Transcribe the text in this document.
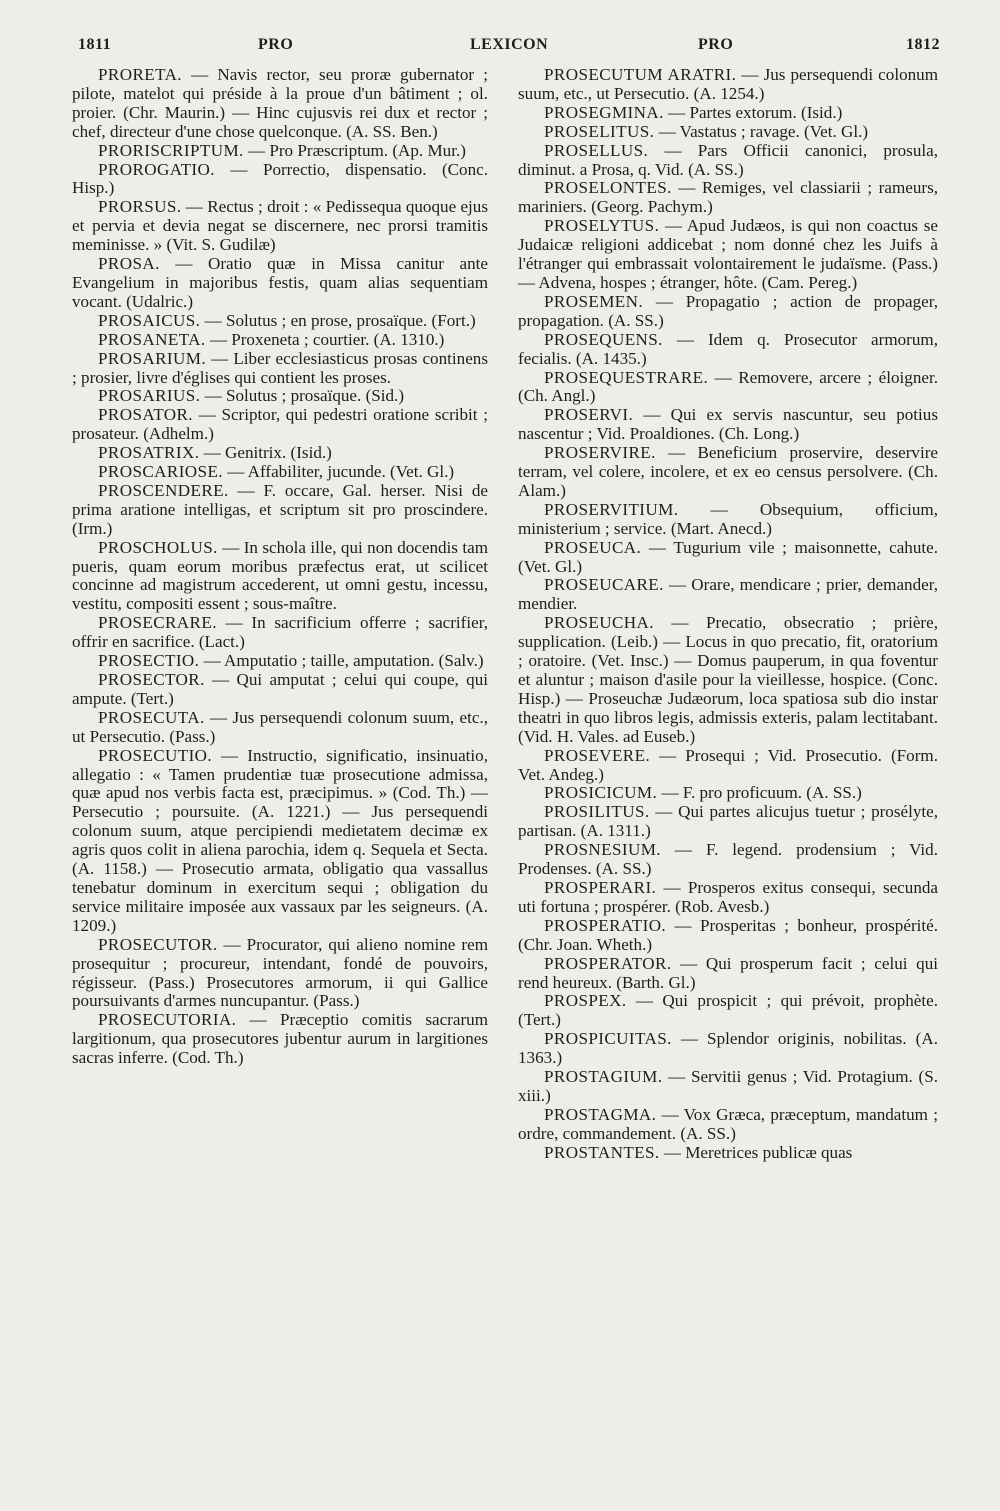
1811	PRO	LEXICON	PRO	1812

PRORETA. — Navis rector, seu proræ gubernator ; pilote, matelot qui préside à la proue d'un bâtiment ; ol. proier. (Chr. Maurin.) — Hinc cujusvis rei dux et rector ; chef, directeur d'une chose quelconque. (A. SS. Ben.)

PRORISCRIPTUM. — Pro Præscriptum. (Ap. Mur.)

PROROGATIO. — Porrectio, dispensatio. (Conc. Hisp.)

PRORSUS. — Rectus ; droit : « Pedissequa quoque ejus et pervia et devia negat se discernere, nec prorsi tramitis meminisse. » (Vit. S. Gudilæ)

PROSA. — Oratio quæ in Missa canitur ante Evangelium in majoribus festis, quam alias sequentiam vocant. (Udalric.)

PROSAICUS. — Solutus ; en prose, prosaïque. (Fort.)

PROSANETA. — Proxeneta ; courtier. (A. 1310.)

PROSARIUM. — Liber ecclesiasticus prosas continens ; prosier, livre d'églises qui contient les proses.

PROSARIUS. — Solutus ; prosaïque. (Sid.)

PROSATOR. — Scriptor, qui pedestri oratione scribit ; prosateur. (Adhelm.)

PROSATRIX. — Genitrix. (Isid.)

PROSCARIOSE. — Affabiliter, jucunde. (Vet. Gl.)

PROSCENDERE. — F. occare, Gal. herser. Nisi de prima aratione intelligas, et scriptum sit pro proscindere. (Irm.)

PROSCHOLUS. — In schola ille, qui non docendis tam pueris, quam eorum moribus præfectus erat, ut scilicet concinne ad magistrum accederent, ut omni gestu, incessu, vestitu, compositi essent ; sous-maître.

PROSECRARE. — In sacrificium offerre ; sacrifier, offrir en sacrifice. (Lact.)

PROSECTIO. — Amputatio ; taille, amputation. (Salv.)

PROSECTOR. — Qui amputat ; celui qui coupe, qui ampute. (Tert.)

PROSECUTA. — Jus persequendi colonum suum, etc., ut Persecutio. (Pass.)

PROSECUTIO. — Instructio, significatio, insinuatio, allegatio : « Tamen prudentiæ tuæ prosecutione admissa, quæ apud nos verbis facta est, præcipimus. » (Cod. Th.) — Persecutio ; poursuite. (A. 1221.) — Jus persequendi colonum suum, atque percipiendi medietatem decimæ ex agris quos colit in aliena parochia, idem q. Sequela et Secta. (A. 1158.) — Prosecutio armata, obligatio qua vassallus tenebatur dominum in exercitum sequi ; obligation du service militaire imposée aux vassaux par les seigneurs. (A. 1209.)

PROSECUTOR. — Procurator, qui alieno nomine rem prosequitur ; procureur, intendant, fondé de pouvoirs, régisseur. (Pass.) Prosecutores armorum, ii qui Gallice poursuivants d'armes nuncupantur. (Pass.)

PROSECUTORIA. — Præceptio comitis sacrarum largitionum, qua prosecutores jubentur aurum in largitiones sacras inferre. (Cod. Th.)

PROSECUTUM ARATRI. — Jus persequendi colonum suum, etc., ut Persecutio. (A. 1254.)

PROSEGMINA. — Partes extorum. (Isid.)

PROSELITUS. — Vastatus ; ravage. (Vet. Gl.)

PROSELLUS. — Pars Officii canonici, prosula, diminut. a Prosa, q. Vid. (A. SS.)

PROSELONTES. — Remiges, vel classiarii ; rameurs, mariniers. (Georg. Pachym.)

PROSELYTUS. — Apud Judæos, is qui non coactus se Judaicæ religioni addicebat ; nom donné chez les Juifs à l'étranger qui embrassait volontairement le judaïsme. (Pass.) — Advena, hospes ; étranger, hôte. (Cam. Pereg.)

PROSEMEN. — Propagatio ; action de propager, propagation. (A. SS.)

PROSEQUENS. — Idem q. Prosecutor armorum, fecialis. (A. 1435.)

PROSEQUESTRARE. — Removere, arcere ; éloigner. (Ch. Angl.)

PROSERVI. — Qui ex servis nascuntur, seu potius nascentur ; Vid. Proaldiones. (Ch. Long.)

PROSERVIRE. — Beneficium proservire, deservire terram, vel colere, incolere, et ex eo census persolvere. (Ch. Alam.)

PROSERVITIUM. — Obsequium, officium, ministerium ; service. (Mart. Anecd.)

PROSEUCA. — Tugurium vile ; maisonnette, cahute. (Vet. Gl.)

PROSEUCARE. — Orare, mendicare ; prier, demander, mendier.

PROSEUCHA. — Precatio, obsecratio ; prière, supplication. (Leib.) — Locus in quo precatio, fit, oratorium ; oratoire. (Vet. Insc.) — Domus pauperum, in qua foventur et aluntur ; maison d'asile pour la vieillesse, hospice. (Conc. Hisp.) — Proseuchæ Judæorum, loca spatiosa sub dio instar theatri in quo libros legis, admissis exteris, palam lectitabant. (Vid. H. Vales. ad Euseb.)

PROSEVERE. — Prosequi ; Vid. Prosecutio. (Form. Vet. Andeg.)

PROSICICUM. — F. pro proficuum. (A. SS.)

PROSILITUS. — Qui partes alicujus tuetur ; prosélyte, partisan. (A. 1311.)

PROSNESIUM. — F. legend. prodensium ; Vid. Prodenses. (A. SS.)

PROSPERARI. — Prosperos exitus consequi, secunda uti fortuna ; prospérer. (Rob. Avesb.)

PROSPERATIO. — Prosperitas ; bonheur, prospérité. (Chr. Joan. Wheth.)

PROSPERATOR. — Qui prosperum facit ; celui qui rend heureux. (Barth. Gl.)

PROSPEX. — Qui prospicit ; qui prévoit, prophète. (Tert.)

PROSPICUITAS. — Splendor originis, nobilitas. (A. 1363.)

PROSTAGIUM. — Servitii genus ; Vid. Protagium. (S. xiii.)

PROSTAGMA. — Vox Græca, præceptum, mandatum ; ordre, commandement. (A. SS.)

PROSTANTES. — Meretrices publicæ quas
